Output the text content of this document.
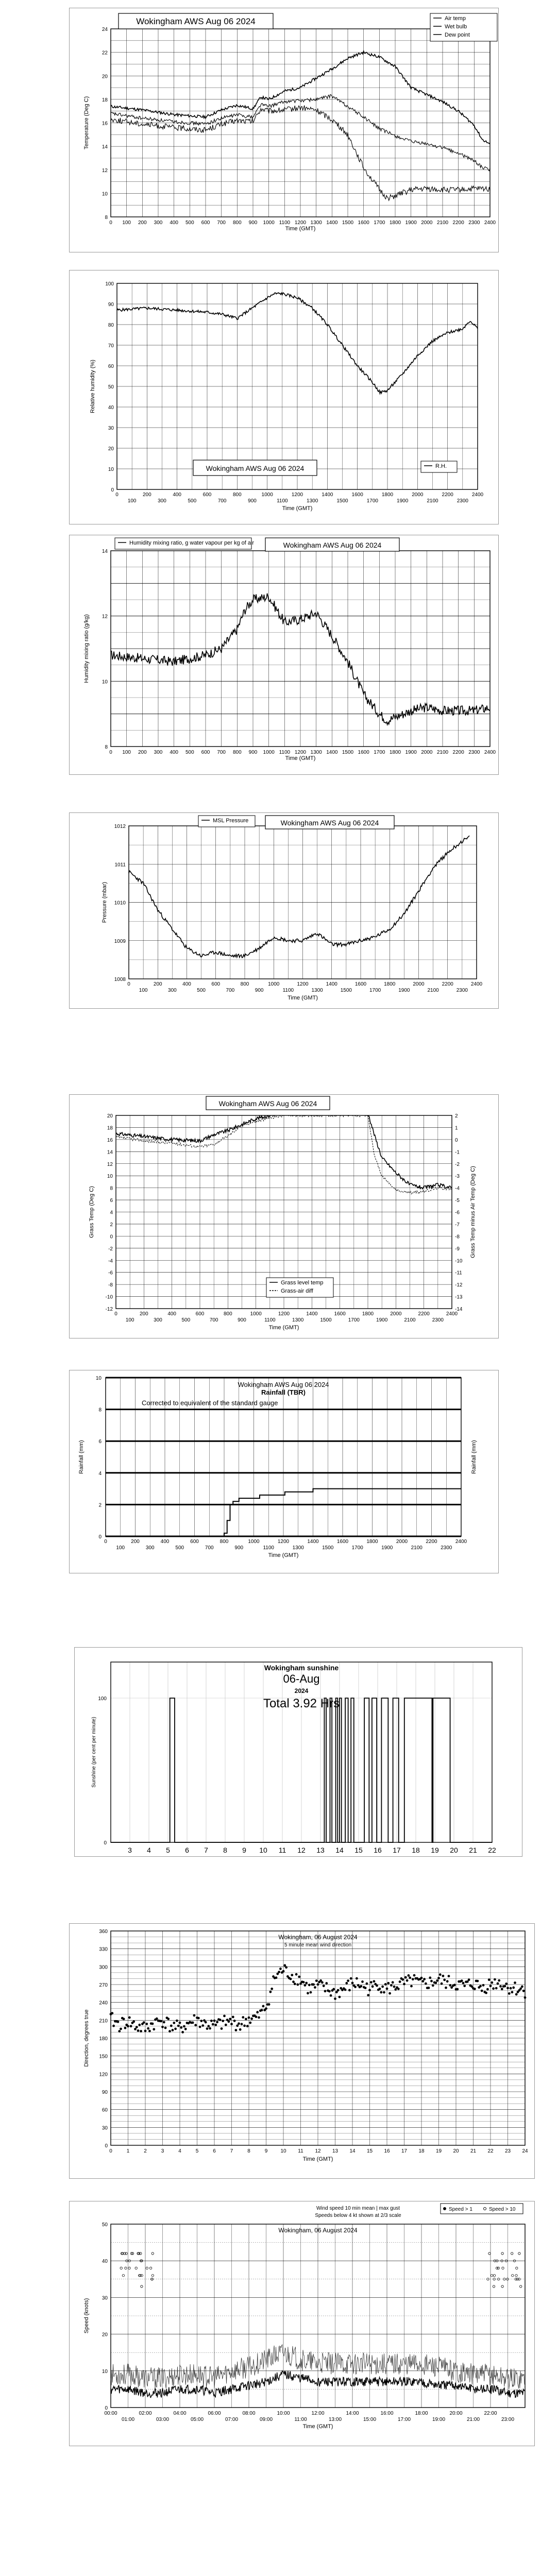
0 100 200 300 400 500 600 700 800 900 1000 1100 1200 1300 1400 1500 1600 1700 1800 1900 2000 2100 2200 2300 2400
8
10
12
14
16
18
20
22
24
Wokingham AWS Aug 06 2024	Air temp
Wet bulb
Dew point
Time (GMT)
Temperature (Deg C)
0	200	400	600	800	1000	1200	1400	1600	1800	2000	2200	2400
100	300	500	700	900	1100	1300	1500	1700	1900	2100	2300
0
10
20
30
40
50
60
70
80
90
100
Wokingham AWS Aug 06 2024	R.H.
Time (GMT)
Relative humidity (%)
0 100 200 300 400 500 600 700 800 900 1000 1100 1200 1300 1400 1500 1600 1700 1800 1900 2000 2100 2200 2300 2400
8
10
12
14
Humidity mixing ratio, g water vapour per kg of air	Wokingham AWS Aug 06 2024
Time (GMT)
Humidity mixing ratio (g/kg)
0	200	400	600	800	1000	1200	1400	1600	1800	2000	2200	2400
100	300	500	700	900	1100	1300	1500	1700	1900	2100	2300
1008
1009
1010
1011
1012
MSL Pressure	Wokingham AWS Aug 06 2024
Time (GMT)
Pressure (mbar)
0	200	400	600	800	1000	1200	1400	1600	1800	2000	2200	2400
100	300	500	700	900	1100	1300	1500	1700	1900	2100	2300
-12
-10
-8
-6
-4
-2
0
2
4
6
8
10
12
14
16
18
20
-14
-13
-12
-11
-10
-9
-8
-7
-6
-5
-4
-3
-2
-1
0
1
2
Wokingham AWS Aug 06 2024
Grass level temp
Grass-air diff
Time (GMT)
Grass Temp (Deg C)	Grass Temp minus Air Temp (Deg C)
0	200	400	600	800	1000	1200	1400	1600	1800	2000	2200	2400
100	300	500	700	900	1100	1300	1500	1700	1900	2100	2300
0
2
4
6
8
10
Wokingham AWS Aug 06 2024
Rainfall (TBR)
Corrected to equivalent of the standard gauge
Time (GMT)
Rainfall (mm)	Rainfall (mm)
3 4 5 6 7 8 9 10 11 12 13 14 15 16 17 18 19 20 21 22
0
100
Wokingham sunshine
06-Aug
2024
Total 3.92 Hrs
Sunshine (per cent per minute)
0	1	2	3	4	5	6	7	8	9	10 11 12 13 14 15 16 17 18 19 20 21 22 23 24
0
30
60
90
120
150
180
210
240
270
300
330
360
Wokingham, 06 August 2024
5 minute mean wind direction
Time (GMT)
Direction, degrees true
00:00	02:00	04:00	06:00	08:00	10:00	12:00	14:00	16:00	18:00	20:00	22:00
01:00	03:00	05:00	07:00	09:00	11:00	13:00	15:00	17:00	19:00	21:00	23:00
0
10
20
30
40
50
Wokingham, 06 August 2024
Wind speed 10 min mean | max gust
Speeds below 4 kt shown at 2/3 scale
Speed > 1	Speed > 10
Time (GMT)
Speed (knots)
